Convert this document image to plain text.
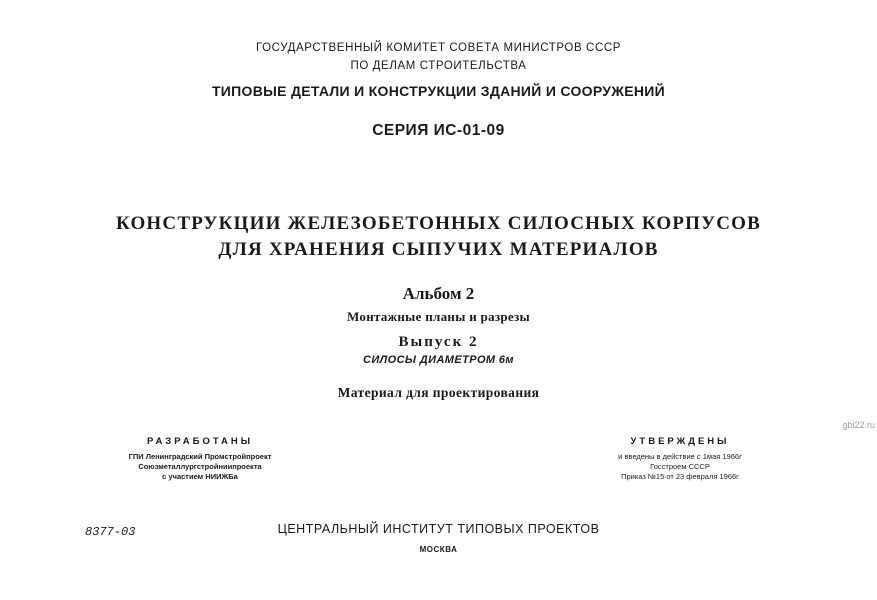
ГОСУДАРСТВЕННЫЙ КОМИТЕТ СОВЕТА МИНИСТРОВ СССР
ПО ДЕЛАМ СТРОИТЕЛЬСТВА
ТИПОВЫЕ ДЕТАЛИ И КОНСТРУКЦИИ ЗДАНИЙ И СООРУЖЕНИЙ
СЕРИЯ ИС-01-09
КОНСТРУКЦИИ ЖЕЛЕЗОБЕТОННЫХ СИЛОСНЫХ КОРПУСОВ
ДЛЯ ХРАНЕНИЯ СЫПУЧИХ МАТЕРИАЛОВ
Альбом 2
Монтажные планы и разрезы
Выпуск 2
СИЛОСЫ ДИАМЕТРОМ 6м
Материал для проектирования
РАЗРАБОТАНЫ
ГПИ Ленинградский Промстройпроект
Союзметаллургстройниипроекта
с участием НИИЖБа
УТВЕРЖДЕНЫ
и введены в действие с 1мая 1966г
Госстроем СССР
Приказ №15 от 23 февраля 1966г
8377-03	ЦЕНТРАЛЬНЫЙ ИНСТИТУТ ТИПОВЫХ ПРОЕКТОВ
МОСКВА
gbi22.ru
